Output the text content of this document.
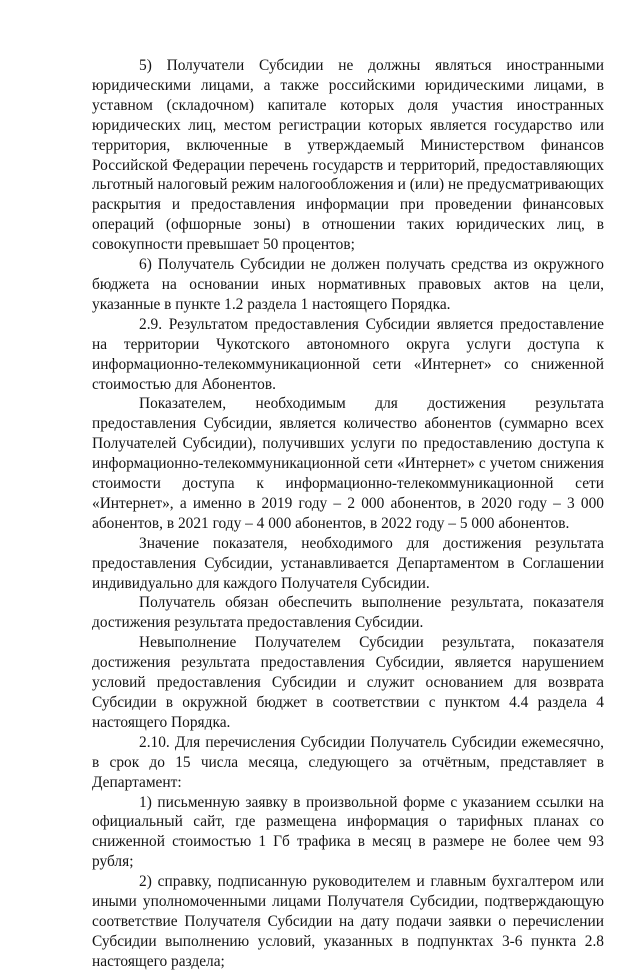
5) Получатели Субсидии не должны являться иностранными юридическими лицами, а также российскими юридическими лицами, в уставном (складочном) капитале которых доля участия иностранных юридических лиц, местом регистрации которых является государство или территория, включенные в утверждаемый Министерством финансов Российской Федерации перечень государств и территорий, предоставляющих льготный налоговый режим налогообложения и (или) не предусматривающих раскрытия и предоставления информации при проведении финансовых операций (офшорные зоны) в отношении таких юридических лиц, в совокупности превышает 50 процентов;

6) Получатель Субсидии не должен получать средства из окружного бюджета на основании иных нормативных правовых актов на цели, указанные в пункте 1.2 раздела 1 настоящего Порядка.

2.9. Результатом предоставления Субсидии является предоставление на территории Чукотского автономного округа услуги доступа к информационно-телекоммуникационной сети «Интернет» со сниженной стоимостью для Абонентов.

Показателем, необходимым для достижения результата предоставления Субсидии, является количество абонентов (суммарно всех Получателей Субсидии), получивших услуги по предоставлению доступа к информационно-телекоммуникационной сети «Интернет» с учетом снижения стоимости доступа к информационно-телекоммуникационной сети «Интернет», а именно в 2019 году – 2 000 абонентов, в 2020 году – 3 000 абонентов, в 2021 году – 4 000 абонентов, в 2022 году – 5 000 абонентов.

Значение показателя, необходимого для достижения результата предоставления Субсидии, устанавливается Департаментом в Соглашении индивидуально для каждого Получателя Субсидии.

Получатель обязан обеспечить выполнение результата, показателя достижения результата предоставления Субсидии.

Невыполнение Получателем Субсидии результата, показателя достижения результата предоставления Субсидии, является нарушением условий предоставления Субсидии и служит основанием для возврата Субсидии в окружной бюджет в соответствии с пунктом 4.4 раздела 4 настоящего Порядка.

2.10. Для перечисления Субсидии Получатель Субсидии ежемесячно, в срок до 15 числа месяца, следующего за отчётным, представляет в Департамент:

1) письменную заявку в произвольной форме с указанием ссылки на официальный сайт, где размещена информация о тарифных планах со сниженной стоимостью 1 Гб трафика в месяц в размере не более чем 93 рубля;

2) справку, подписанную руководителем и главным бухгалтером или иными уполномоченными лицами Получателя Субсидии, подтверждающую соответствие Получателя Субсидии на дату подачи заявки о перечислении Субсидии выполнению условий, указанных в подпунктах 3-6 пункта 2.8 настоящего раздела;
